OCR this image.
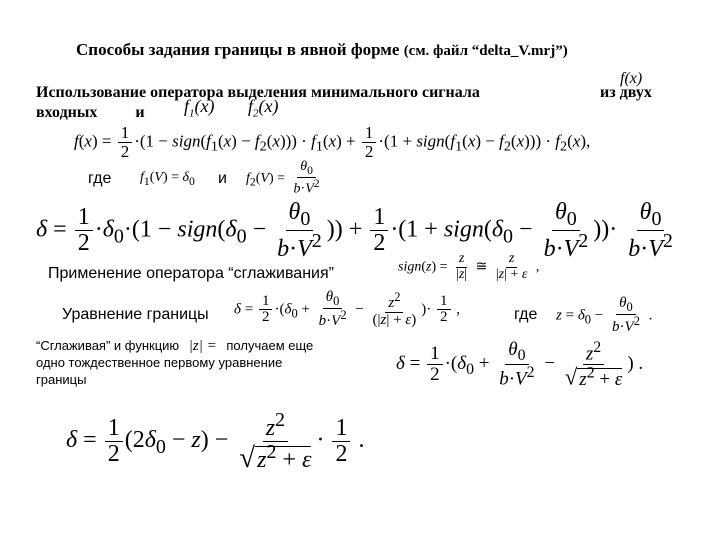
Способы задания границы в явной форме (см. файл “delta_V.mrj”)
Использование оператора выделения минимального сигнала
f(x)
из двух
входных и $f_1(x)$ $f_2(x)$
$f(x) = \frac{1}{2} \cdot(1$ − $sign(f_1(x) - f_2(x))) \cdot f_1(x) + \frac{1}{2} \cdot(1$ + $sign(f_1(x) - f_2(x))) \cdot f_2(x)$,
где $f_1(V) = \delta_0$ и $f_2(V) = \frac{\theta_0}{b\cdot V^2}$
$\delta = \frac{1}{2} \cdot\delta_0\cdot(1$ − $sign(\delta_0 - \frac{\theta_0}{b\cdot V^2}$ )) + $\frac{1}{2} \cdot(1$ + $sign(\delta_0 - \frac{\theta_0}{b\cdot V^2}$ ))· $\frac{\theta_0}{b\cdot V^2}$
Применение оператора “сглаживания”	sign(z) = $\frac{z}{|z|}$ ≅ $\frac{z}{|z| + \varepsilon}$ ,
Уравнение границы $\delta = \frac{1}{2} \cdot(\delta_0 + \frac{\theta_0}{b\cdot V^2} - \frac{z^2}{(|z| + \varepsilon)}$ )· $\frac{1}{2}$ ,	где $z = \delta_0 - \frac{\theta_0}{b\cdot V^2}$ .
“Сглаживая” и функцию |z| = получаем еще
одно тождественное первому уравнение
границы
$\delta = \frac{1}{2} \cdot(\delta_0 + \frac{\theta_0}{b\cdot V^2} - \frac{z^2}{√ z^2 + \varepsilon}$ ) .
$\delta = \frac{1}{2} (2\delta_0 - z) - \frac{z^2}{√z^2 + \varepsilon} \cdot \frac{1}{2}$ .
